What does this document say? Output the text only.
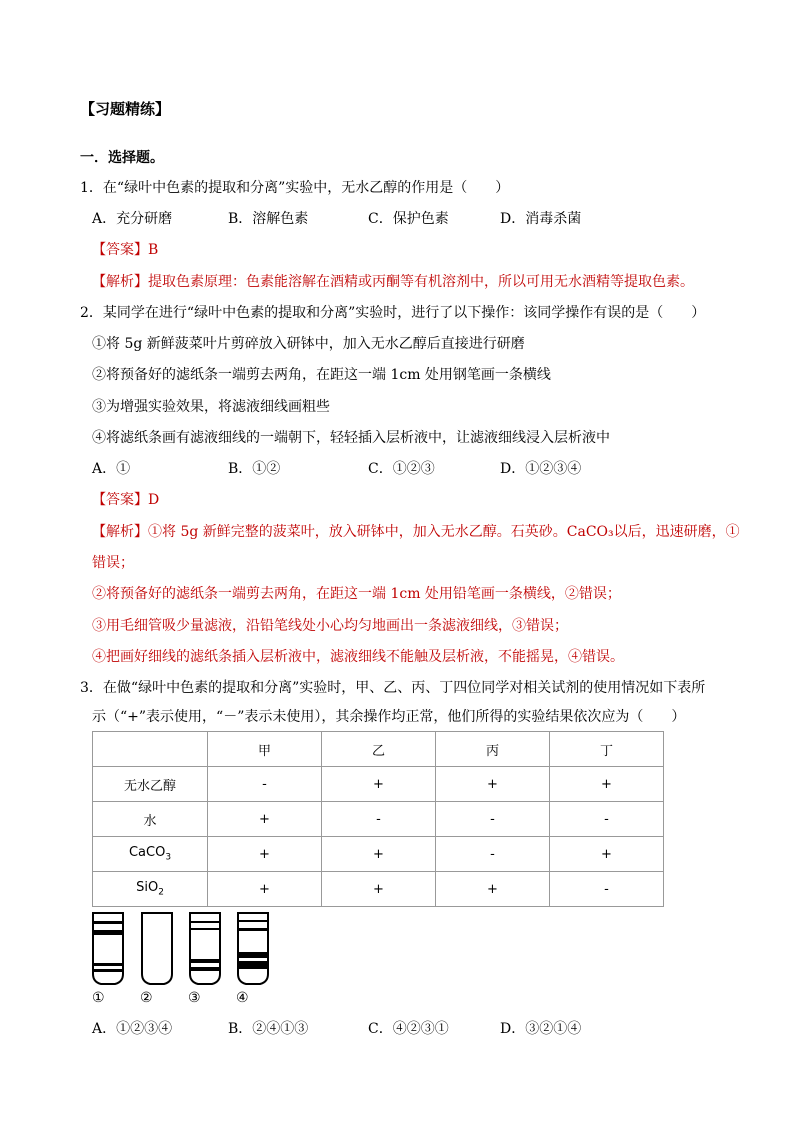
【习题精练】
一．选择题。
1．在“绿叶中色素的提取和分离”实验中，无水乙醇的作用是（　　）
A．充分研磨	B．溶解色素	C．保护色素	D．消毒杀菌
【答案】B
【解析】提取色素原理：色素能溶解在酒精或丙酮等有机溶剂中，所以可用无水酒精等提取色素。
2．某同学在进行“绿叶中色素的提取和分离”实验时，进行了以下操作：该同学操作有误的是（　　）
①将 5g 新鲜菠菜叶片剪碎放入研钵中，加入无水乙醇后直接进行研磨
②将预备好的滤纸条一端剪去两角，在距这一端 1cm 处用钢笔画一条横线
③为增强实验效果，将滤液细线画粗些
④将滤纸条画有滤液细线的一端朝下，轻轻插入层析液中，让滤液细线浸入层析液中
A．①	B．①②	C．①②③	D．①②③④
【答案】D
【解析】①将 5g 新鲜完整的菠菜叶，放入研钵中，加入无水乙醇。石英砂。CaCO₃以后，迅速研磨，①
错误；
②将预备好的滤纸条一端剪去两角，在距这一端 1cm 处用铅笔画一条横线，②错误；
③用毛细管吸少量滤液，沿铅笔线处小心均匀地画出一条滤液细线，③错误；
④把画好细线的滤纸条插入层析液中，滤液细线不能触及层析液，不能摇晃，④错误。
3．在做“绿叶中色素的提取和分离”实验时，甲、乙、丙、丁四位同学对相关试剂的使用情况如下表所
示（“+”表示使用，“－”表示未使用），其余操作均正常，他们所得的实验结果依次应为（　　）
	甲	乙	丙	丁
无水乙醇	-	+	+	+
水	+	-	-	-
CaCO$_3$	+	+	-	+
SiO$_2$	+	+	+	-
①	②	③	④
A．①②③④	B．②④①③	C．④②③①	D．③②①④
